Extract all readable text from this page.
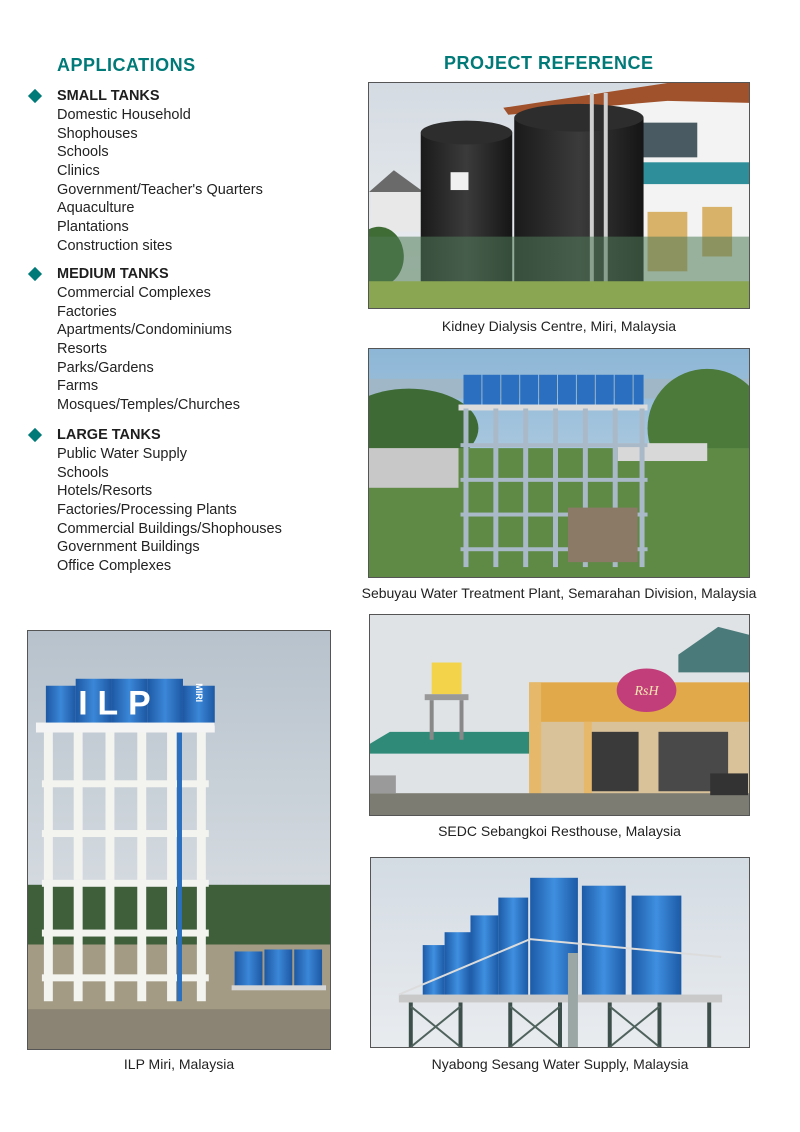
APPLICATIONS	PROJECT REFERENCE
SMALL TANKS
Domestic Household
Shophouses
Schools
Clinics
Government/Teacher's Quarters
Aquaculture
Plantations
Construction sites
MEDIUM TANKS
Commercial Complexes
Factories
Apartments/Condominiums
Resorts
Parks/Gardens
Farms
Mosques/Temples/Churches
LARGE TANKS
Public Water Supply
Schools
Hotels/Resorts
Factories/Processing Plants
Commercial Buildings/Shophouses
Government Buildings
Office Complexes
Kidney Dialysis Centre, Miri, Malaysia
Sebuyau Water Treatment Plant, Semarahan Division, Malaysia
RsH
SEDC Sebangkoi Resthouse, Malaysia
Nyabong Sesang Water Supply, Malaysia
ILP	MIRI
ILP Miri, Malaysia
